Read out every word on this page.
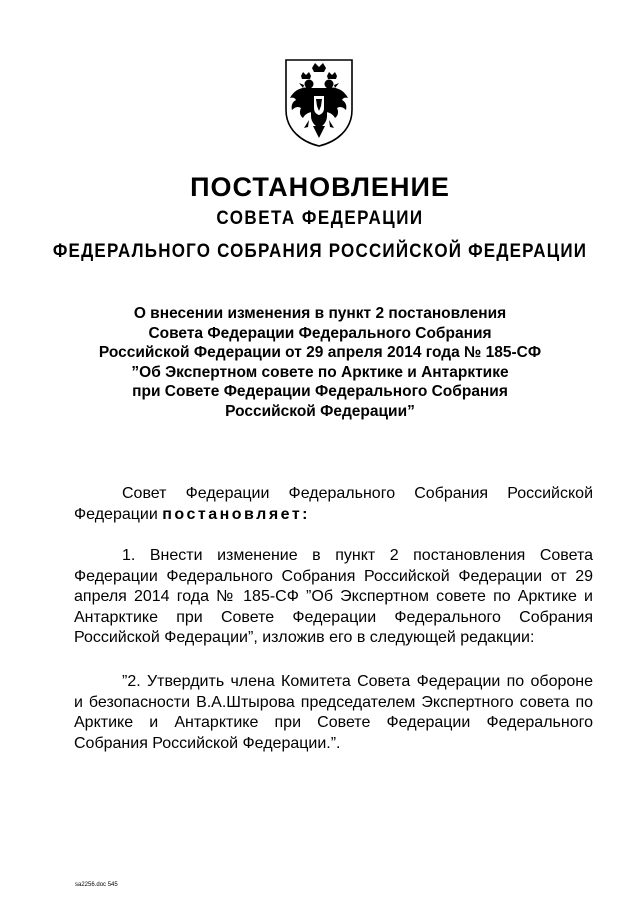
ПОСТАНОВЛЕНИЕ
СОВЕТА ФЕДЕРАЦИИ
ФЕДЕРАЛЬНОГО СОБРАНИЯ РОССИЙСКОЙ ФЕДЕРАЦИИ
О внесении изменения в пункт 2 постановления
Совета Федерации Федерального Собрания
Российской Федерации от 29 апреля 2014 года № 185-СФ
”Об Экспертном совете по Арктике и Антарктике
при Совете Федерации Федерального Собрания
Российской Федерации”
Совет Федерации Федерального Собрания Российской Федерации постановляет:
1. Внести изменение в пункт 2 постановления Совета Федерации Федерального Собрания Российской Федерации от 29 апреля 2014 года № 185-СФ ”Об Экспертном совете по Арктике и Антарктике при Совете Федерации Федерального Собрания Российской Федерации”, изложив его в следующей редакции:
”2. Утвердить члена Комитета Совета Федерации по обороне и безопасности В.А.Штырова председателем Экспертного совета по Арктике и Антарктике при Совете Федерации Федерального Собрания Российской Федерации.”.
sa2256.doc 545
